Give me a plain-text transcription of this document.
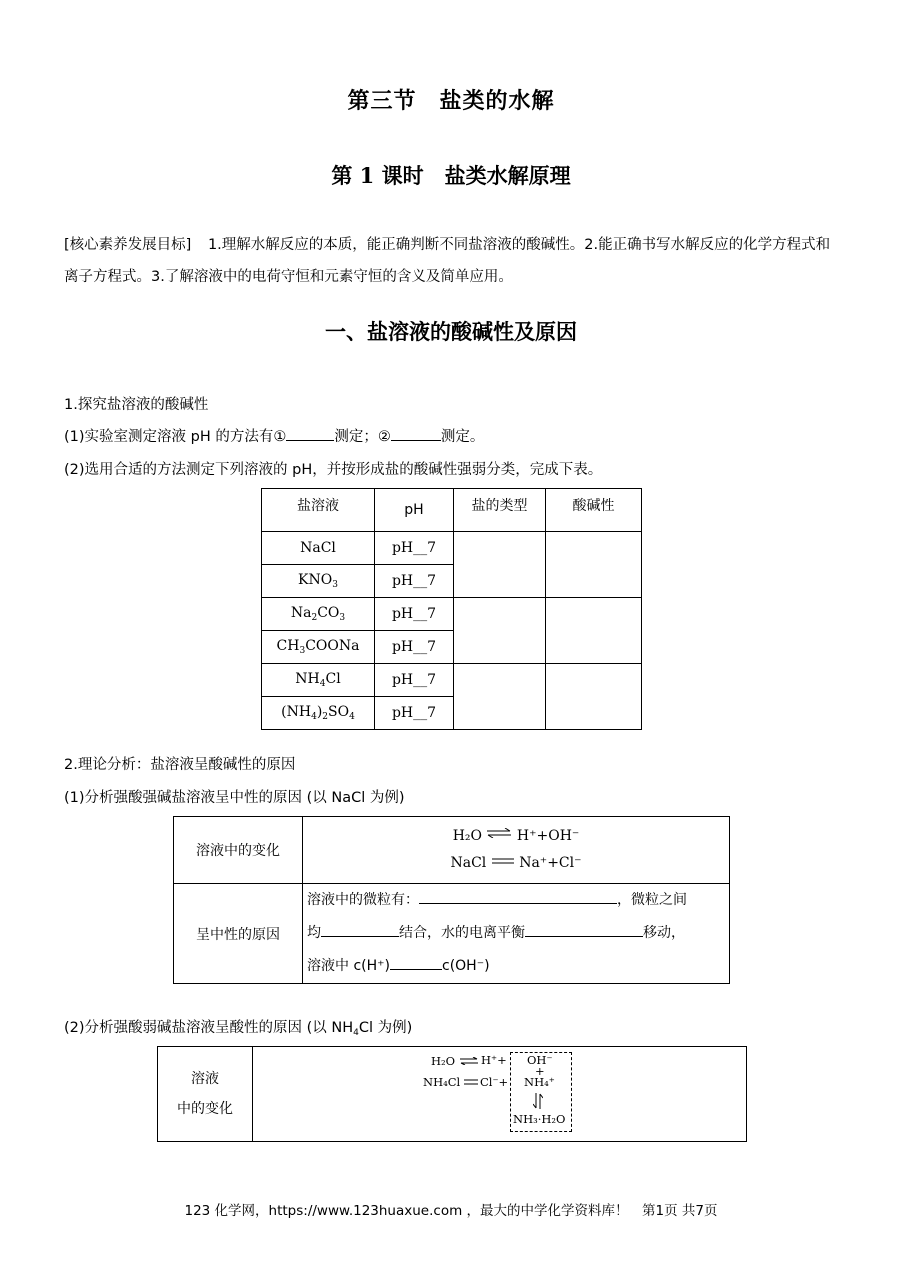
第三节　盐类的水解
第 1 课时　盐类水解原理
[核心素养发展目标] 1.理解水解反应的本质，能正确判断不同盐溶液的酸碱性。2.能正确书写水解反应的化学方程式和离子方程式。3.了解溶液中的电荷守恒和元素守恒的含义及简单应用。
一、盐溶液的酸碱性及原因
1.探究盐溶液的酸碱性
(1)实验室测定溶液 pH 的方法有①	测定；②	测定。
(2)选用合适的方法测定下列溶液的 pH，并按形成盐的酸碱性强弱分类，完成下表。
盐溶液	pH	盐的类型	酸碱性
NaCl	pH__7		
$KNO_3$	pH__7		
$Na_2CO_3$	pH__7		
$CH_3COONa$	pH__7		
$NH_4Cl$	pH__7		
$(NH_4)_2SO_4$	pH__7		
2.理论分析：盐溶液呈酸碱性的原因
(1)分析强酸强碱盐溶液呈中性的原因 (以 NaCl 为例)
溶液中的变化	H₂O ⇌ H⁺+OH⁻
NaCl Na⁺+Cl⁻

呈中性的原因	溶液中的微粒有： ，微粒之间
均 结合，水的电离平衡 移动，
溶液中 c(H⁺) c(OH⁻)
(2)分析强酸弱碱盐溶液呈酸性的原因 (以 $NH_4Cl$ 为例)
溶液
中的变化

H₂O ⇌ H⁺+
NH₄Cl Cl⁻+
OH⁻
+
NH₄⁺
NH₃·H₂O
123 化学网，https://www.123huaxue.com ，最大的中学化学资料库！　第1页 共7页
